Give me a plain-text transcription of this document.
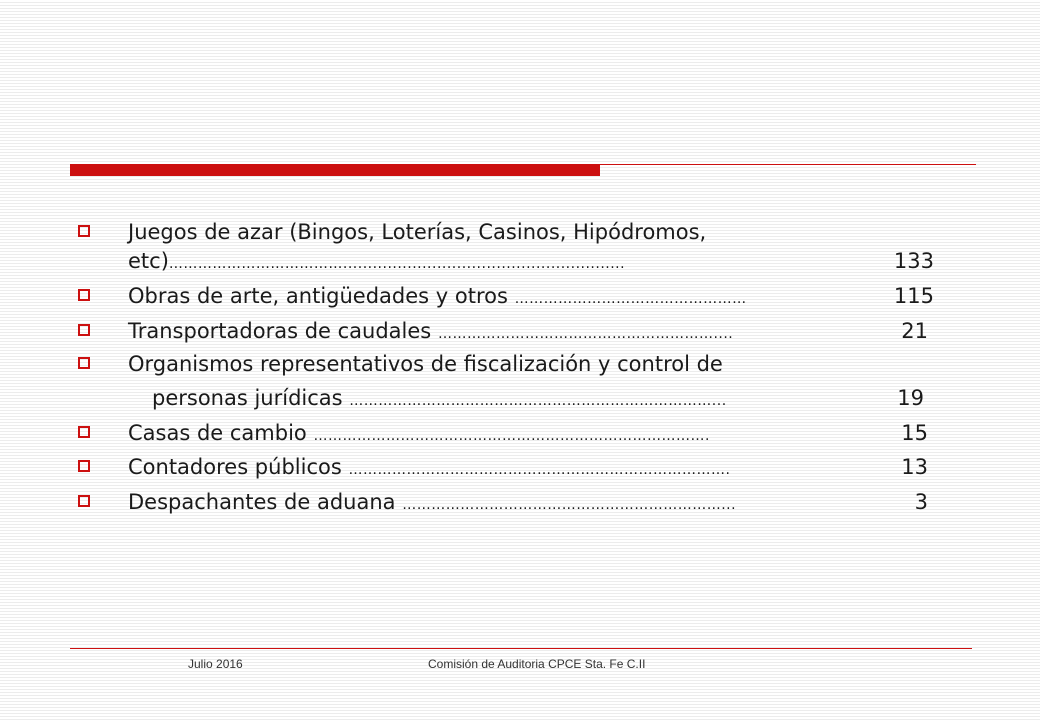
Juegos de azar (Bingos, Loterías, Casinos, Hipódromos,
etc)……………………………….........................................................	133
Obras de arte, antigüedades y otros …………………………………………	115
Transportadoras de caudales …………………………………………………....	21
Organismos representativos de fiscalización y control de
personas jurídicas …………………………………………………………………...	19
Casas de cambio ……………………………………………………………………….	15
Contadores públicos …………………………………………………………………….	13
Despachantes de aduana …………………………………………………………...	3
Julio 2016	Comisión de Auditoria CPCE Sta. Fe C.II
